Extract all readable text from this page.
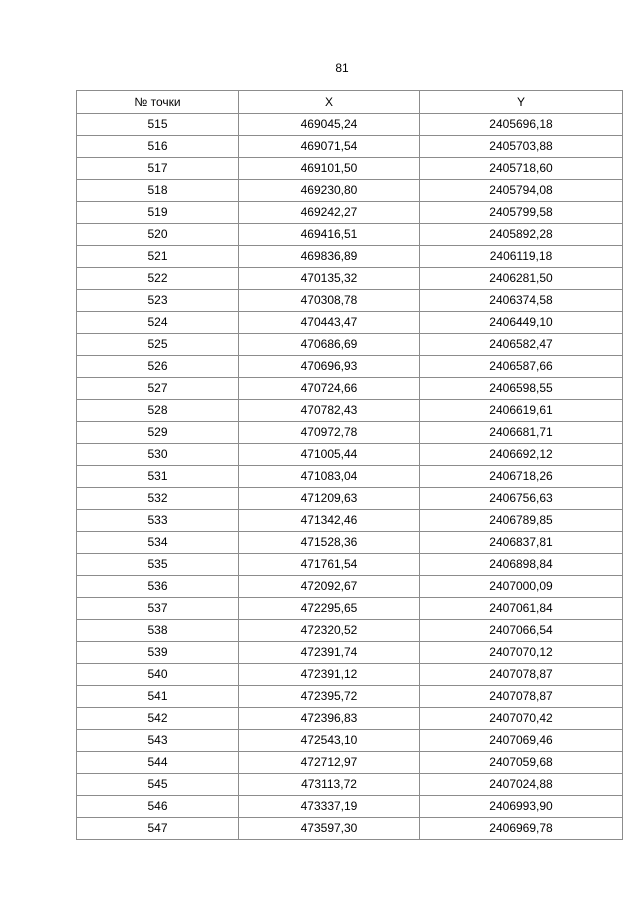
81
№ точки	X	Y
515	469045,24	2405696,18
516	469071,54	2405703,88
517	469101,50	2405718,60
518	469230,80	2405794,08
519	469242,27	2405799,58
520	469416,51	2405892,28
521	469836,89	2406119,18
522	470135,32	2406281,50
523	470308,78	2406374,58
524	470443,47	2406449,10
525	470686,69	2406582,47
526	470696,93	2406587,66
527	470724,66	2406598,55
528	470782,43	2406619,61
529	470972,78	2406681,71
530	471005,44	2406692,12
531	471083,04	2406718,26
532	471209,63	2406756,63
533	471342,46	2406789,85
534	471528,36	2406837,81
535	471761,54	2406898,84
536	472092,67	2407000,09
537	472295,65	2407061,84
538	472320,52	2407066,54
539	472391,74	2407070,12
540	472391,12	2407078,87
541	472395,72	2407078,87
542	472396,83	2407070,42
543	472543,10	2407069,46
544	472712,97	2407059,68
545	473113,72	2407024,88
546	473337,19	2406993,90
547	473597,30	2406969,78
